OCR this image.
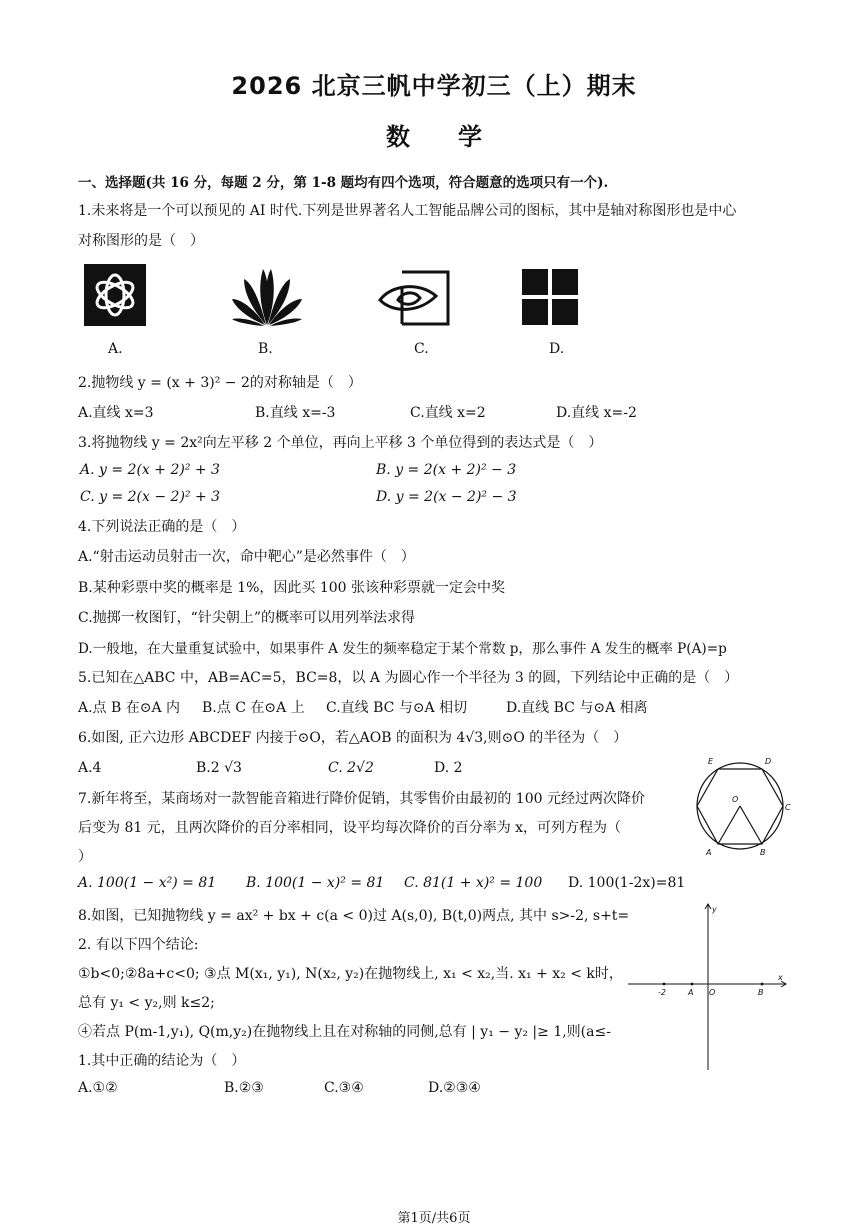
2026 北京三帆中学初三（上）期末
数　　学
一、选择题(共 16 分，每题 2 分，第 1-8 题均有四个选项，符合题意的选项只有一个).
1.未来将是一个可以预见的 AI 时代.下列是世界著名人工智能品牌公司的图标，其中是轴对称图形也是中心
对称图形的是（　）
A.	B.	C.	D.
2.抛物线 y = (x + 3)² − 2的对称轴是（　）
A.直线 x=3	B.直线 x=-3	C.直线 x=2	D.直线 x=-2
3.将抛物线 y = 2x²向左平移 2 个单位，再向上平移 3 个单位得到的表达式是（　）
A. y = 2(x + 2)² + 3	B. y = 2(x + 2)² − 3
C. y = 2(x − 2)² + 3	D. y = 2(x − 2)² − 3
4.下列说法正确的是（　）
A.“射击运动员射击一次，命中靶心”是必然事件（　）
B.某种彩票中奖的概率是 1%，因此买 100 张该种彩票就一定会中奖
C.抛掷一枚图钉，“针尖朝上”的概率可以用列举法求得
D.一般地，在大量重复试验中，如果事件 A 发生的频率稳定于某个常数 p，那么事件 A 发生的概率 P(A)=p
5.已知在△ABC 中，AB=AC=5，BC=8，以 A 为圆心作一个半径为 3 的圆，下列结论中正确的是（　）
A.点 B 在⊙A 内 B.点 C 在⊙A 上 C.直线 BC 与⊙A 相切	D.直线 BC 与⊙A 相离
6.如图, 正六边形 ABCDEF 内接于⊙O，若△AOB 的面积为 4√3,则⊙O 的半径为（　）
A.4	B.2 √3	C. 2√2	D. 2	E	D
O
C
A	B
7.新年将至，某商场对一款智能音箱进行降价促销，其零售价由最初的 100 元经过两次降价
后变为 81 元，且两次降价的百分率相同，设平均每次降价的百分率为 x，可列方程为（
）
A. 100(1 − x²) = 81 B. 100(1 − x)² = 81 C. 81(1 + x)² = 100 D. 100(1-2x)=81
8.如图，已知抛物线 y = ax² + bx + c(a < 0)过 A(s,0), B(t,0)两点, 其中 s>-2, s+t=
2. 有以下四个结论:
①b<0;②8a+c<0; ③点 M(x₁, y₁), N(x₂, y₂)在抛物线上, x₁ < x₂,当. x₁ + x₂ < k时，
总有 y₁ < y₂,则 k≤2;
④若点 P(m-1,y₁), Q(m,y₂)在抛物线上且在对称轴的同侧,总有 | y₁ − y₂ |≥ 1,则(a≤-
1.其中正确的结论为（　）
A.①②	B.②③	C.③④	D.②③④
y
x
-2	A O	B
第1页/共6页
